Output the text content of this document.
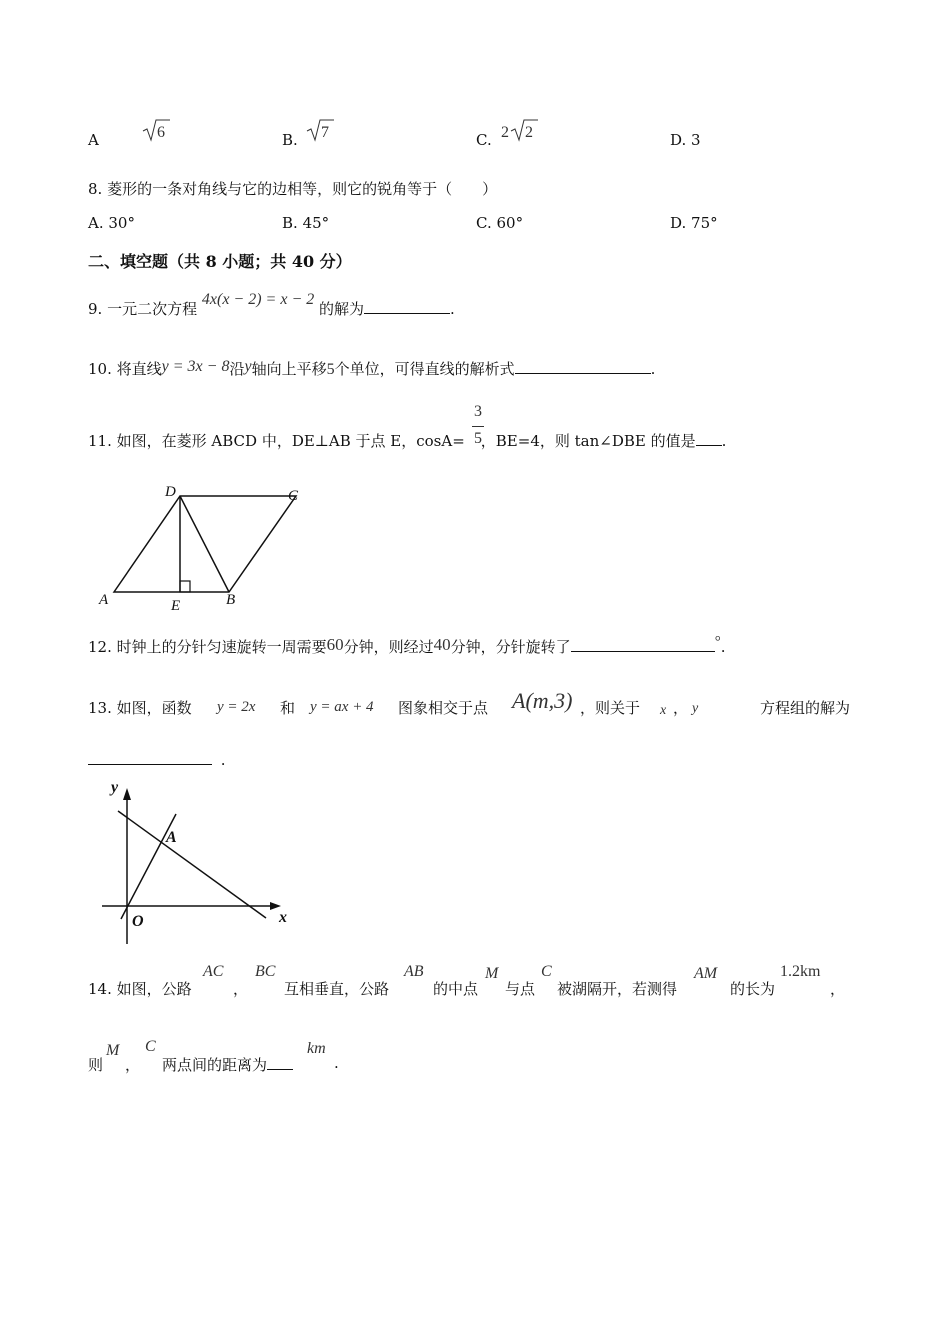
A	6	B. 7	C. 2 2	D. 3
8. 菱形的一条对角线与它的边相等，则它的锐角等于（　　）
A. 30°	B. 45°	C. 60°	D. 75°
二、填空题（共 8 小题；共 40 分）
9. 一元二次方程 4x(x − 2) = x − 2 的解为	.
10. 将直线y = 3x − 8沿y轴向上平移5个单位，可得直线的解析式	.
11. 如图，在菱形 ABCD 中，DE⊥AB 于点 E，cosA= ，BE=4，则 tan∠DBE 的值是 .
3
5
A	B
C
D
E
12. 时钟上的分针匀速旋转一周需要60分钟，则经过40分钟，分针旋转了	°.
13. 如图，函数 y = 2x 和 y = ax + 4 图象相交于点 A(m,3) ，则关于 x ， y	方程组的解为
.
y
x
O
A
14. 如图，公路
AC
，
BC
互相垂直，公路
AB
的中点
M
与点
C
被湖隔开，若测得
AM
的长为
1.2km
，
则
M
，
C
两点间的距离为
km
.
